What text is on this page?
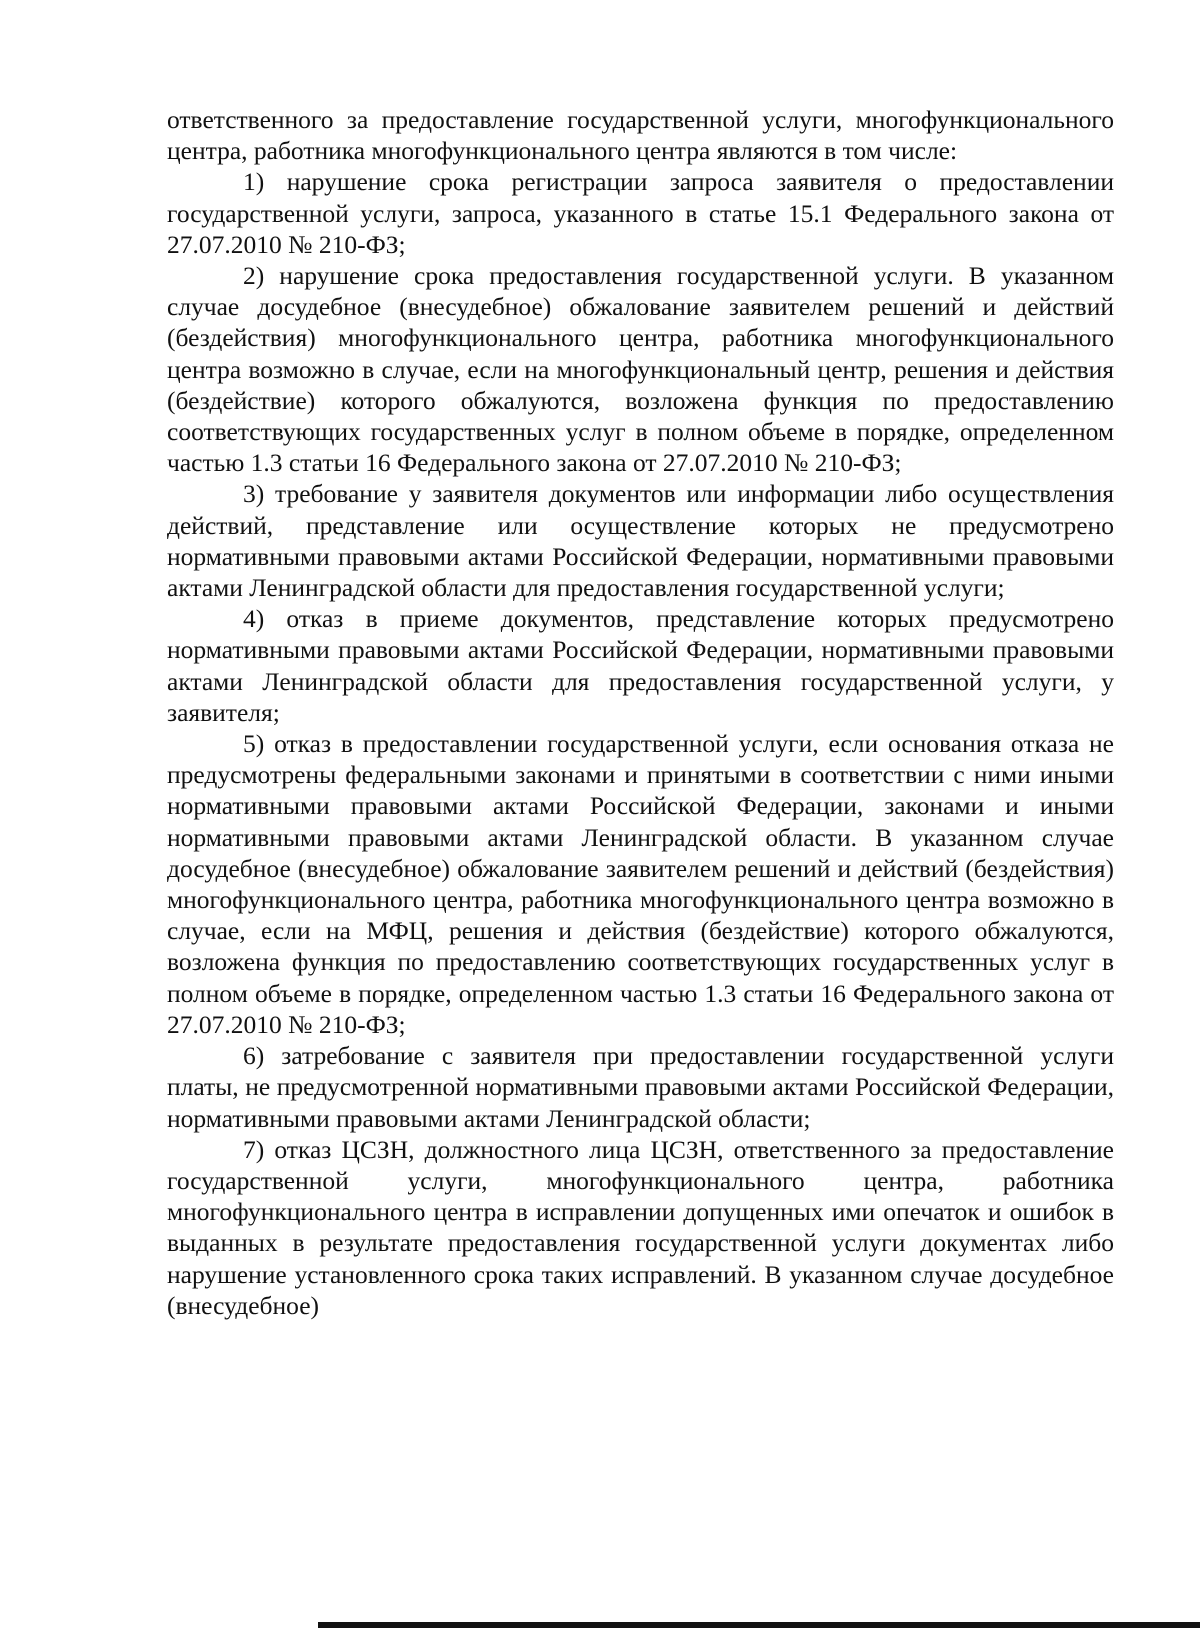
ответственного за предоставление государственной услуги, многофункционального центра, работника многофункционального центра являются в том числе:

1) нарушение срока регистрации запроса заявителя о предоставлении государственной услуги, запроса, указанного в статье 15.1 Федерального закона от 27.07.2010 № 210-ФЗ;

2) нарушение срока предоставления государственной услуги. В указанном случае досудебное (внесудебное) обжалование заявителем решений и действий (бездействия) многофункционального центра, работника многофункционального центра возможно в случае, если на многофункциональный центр, решения и действия (бездействие) которого обжалуются, возложена функция по предоставлению соответствующих государственных услуг в полном объеме в порядке, определенном частью 1.3 статьи 16 Федерального закона от 27.07.2010 № 210-ФЗ;

3) требование у заявителя документов или информации либо осуществления действий, представление или осуществление которых не предусмотрено нормативными правовыми актами Российской Федерации, нормативными правовыми актами Ленинградской области для предоставления государственной услуги;

4) отказ в приеме документов, представление которых предусмотрено нормативными правовыми актами Российской Федерации, нормативными правовыми актами Ленинградской области для предоставления государственной услуги, у заявителя;

5) отказ в предоставлении государственной услуги, если основания отказа не предусмотрены федеральными законами и принятыми в соответствии с ними иными нормативными правовыми актами Российской Федерации, законами и иными нормативными правовыми актами Ленинградской области. В указанном случае досудебное (внесудебное) обжалование заявителем решений и действий (бездействия) многофункционального центра, работника многофункционального центра возможно в случае, если на МФЦ, решения и действия (бездействие) которого обжалуются, возложена функция по предоставлению соответствующих государственных услуг в полном объеме в порядке, определенном частью 1.3 статьи 16 Федерального закона от 27.07.2010 № 210-ФЗ;

6) затребование с заявителя при предоставлении государственной услуги платы, не предусмотренной нормативными правовыми актами Российской Федерации, нормативными правовыми актами Ленинградской области;

7) отказ ЦСЗН, должностного лица ЦСЗН, ответственного за предоставление государственной услуги, многофункционального центра, работника многофункционального центра в исправлении допущенных ими опечаток и ошибок в выданных в результате предоставления государственной услуги документах либо нарушение установленного срока таких исправлений. В указанном случае досудебное (внесудебное)
